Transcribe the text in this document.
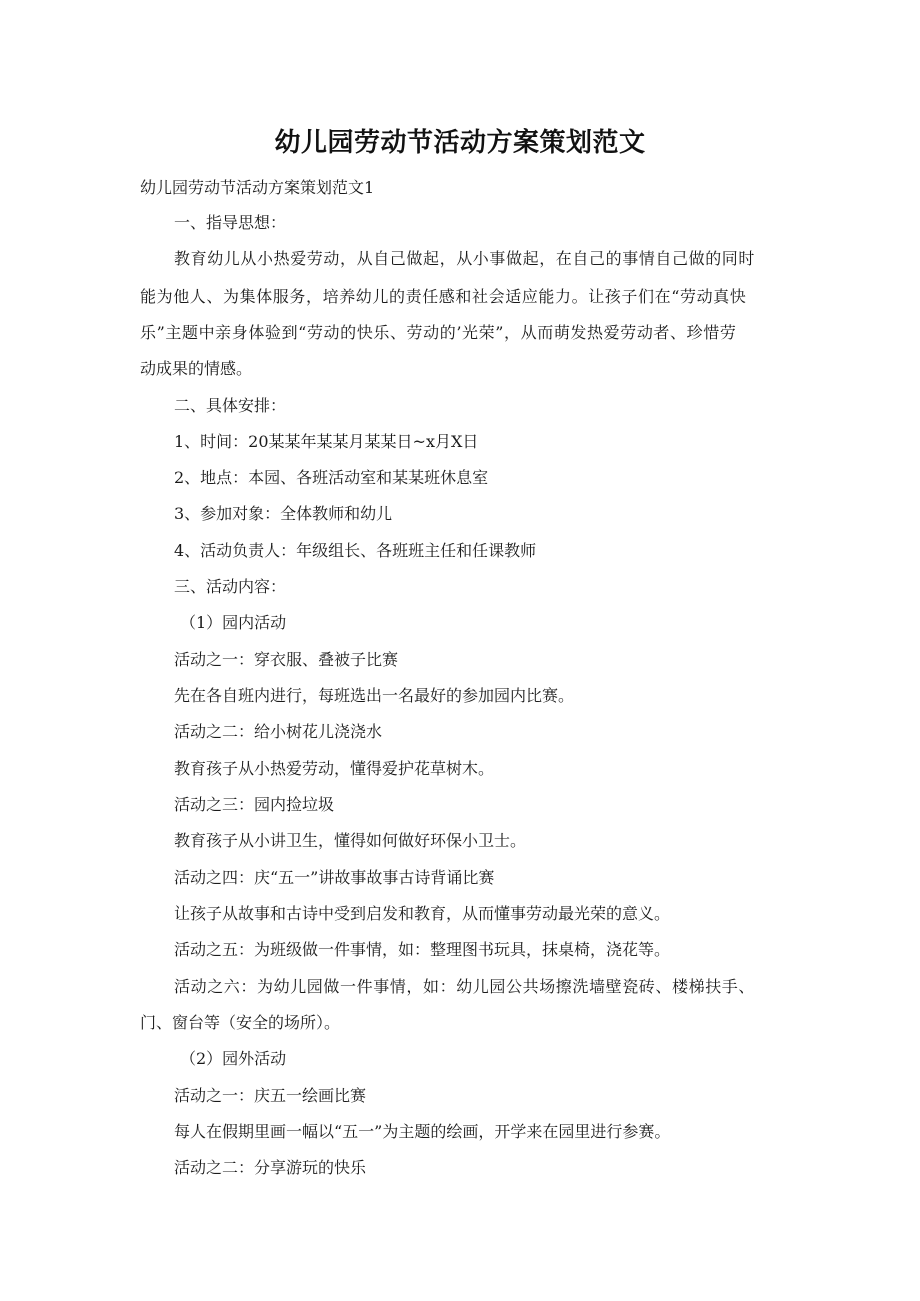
幼儿园劳动节活动方案策划范文

幼儿园劳动节活动方案策划范文1

一、指导思想：

教育幼儿从小热爱劳动，从自己做起，从小事做起，在自己的事情自己做的同时

能为他人、为集体服务，培养幼儿的责任感和社会适应能力。让孩子们在“劳动真快

乐”主题中亲身体验到“劳动的快乐、劳动的’光荣”，从而萌发热爱劳动者、珍惜劳

动成果的情感。

二、具体安排：

1、时间：20某某年某某月某某日~x月X日

2、地点：本园、各班活动室和某某班休息室

3、参加对象：全体教师和幼儿

4、活动负责人：年级组长、各班班主任和任课教师

三、活动内容：

（1）园内活动

活动之一：穿衣服、叠被子比赛

先在各自班内进行，每班选出一名最好的参加园内比赛。

活动之二：给小树花儿浇浇水

教育孩子从小热爱劳动，懂得爱护花草树木。

活动之三：园内捡垃圾

教育孩子从小讲卫生，懂得如何做好环保小卫士。

活动之四：庆“五一”讲故事故事古诗背诵比赛

让孩子从故事和古诗中受到启发和教育，从而懂事劳动最光荣的意义。

活动之五：为班级做一件事情，如：整理图书玩具，抹桌椅，浇花等。

活动之六：为幼儿园做一件事情，如：幼儿园公共场擦洗墙壁瓷砖、楼梯扶手、

门、窗台等（安全的场所）。

（2）园外活动

活动之一：庆五一绘画比赛

每人在假期里画一幅以“五一”为主题的绘画，开学来在园里进行参赛。

活动之二：分享游玩的快乐
